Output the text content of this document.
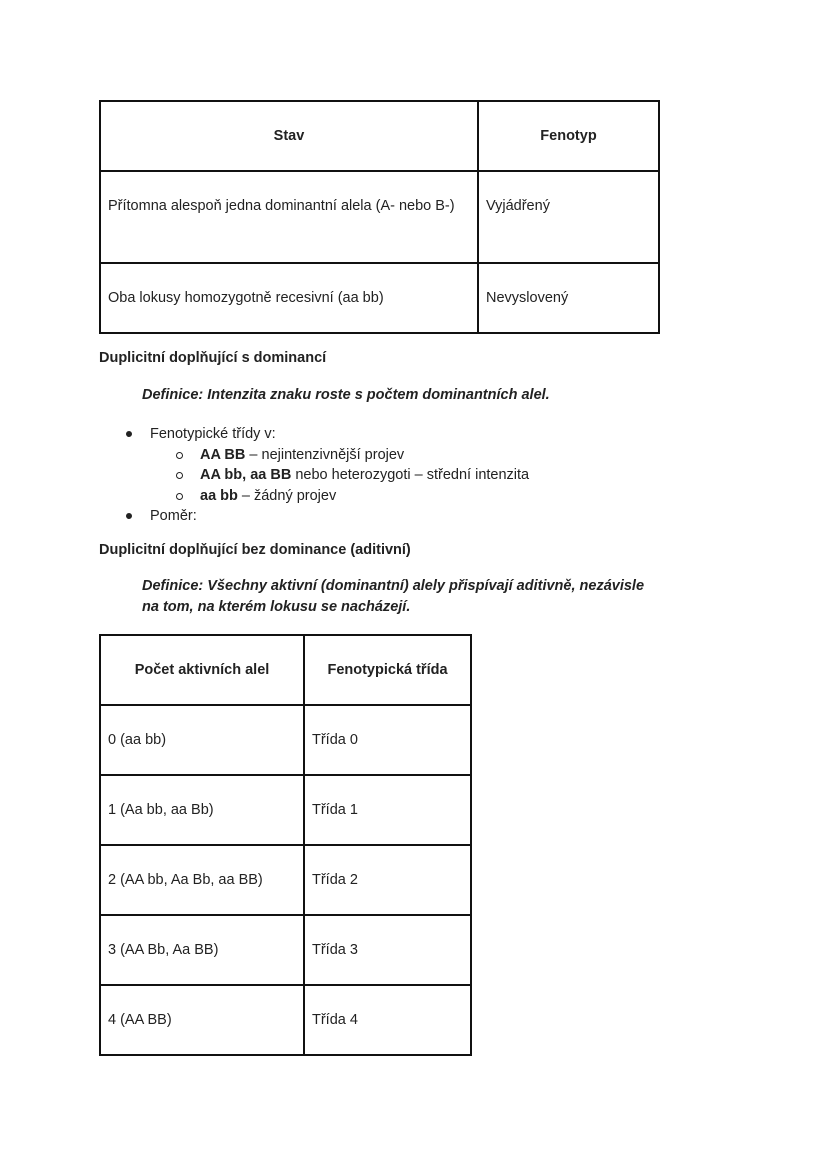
Stav	Fenotyp
Přítomna alespoň jedna dominantní alela (A- nebo B-)	Vyjádřený
Oba lokusy homozygotně recesivní (aa bb)	Nevyslovený

Duplicitní doplňující s dominancí

Definice: Intenzita znaku roste s počtem dominantních alel.

Fenotypické třídy v:
AA BB – nejintenzivnější projev
AA bb, aa BB nebo heterozygoti – střední intenzita
aa bb – žádný projev
Poměr:

Duplicitní doplňující bez dominance (aditivní)

Definice: Všechny aktivní (dominantní) alely přispívají aditivně, nezávisle
na tom, na kterém lokusu se nacházejí.

Počet aktivních alel	Fenotypická třída
0 (aa bb)	Třída 0
1 (Aa bb, aa Bb)	Třída 1
2 (AA bb, Aa Bb, aa BB)	Třída 2
3 (AA Bb, Aa BB)	Třída 3
4 (AA BB)	Třída 4
